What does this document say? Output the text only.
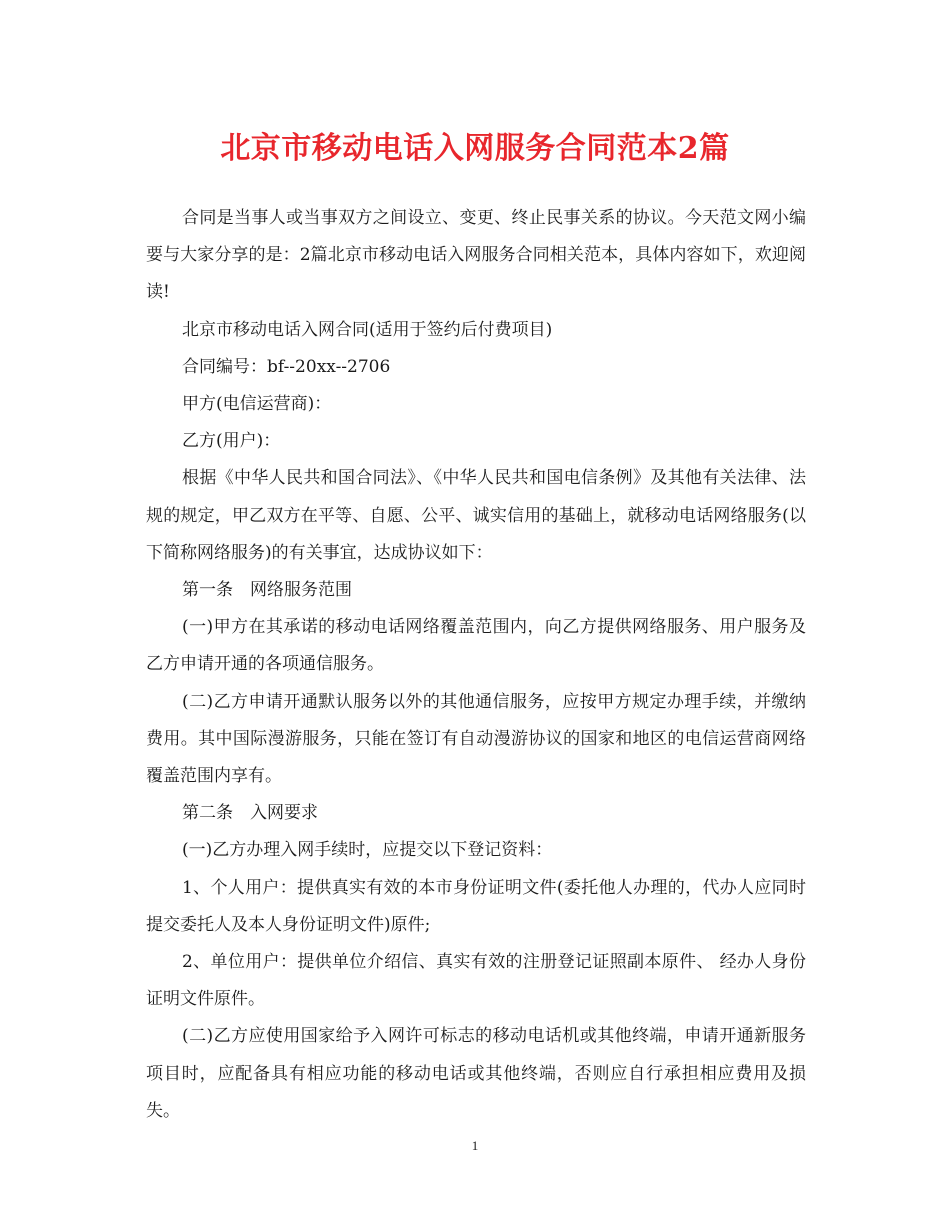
北京市移动电话入网服务合同范本2篇

合同是当事人或当事双方之间设立、变更、终止民事关系的协议。今天范文网小编要与大家分享的是：2篇北京市移动电话入网服务合同相关范本，具体内容如下，欢迎阅读!

北京市移动电话入网合同(适用于签约后付费项目)

合同编号：bf--20xx--2706

甲方(电信运营商)：

乙方(用户)：

根据《中华人民共和国合同法》、《中华人民共和国电信条例》及其他有关法律、法规的规定，甲乙双方在平等、自愿、公平、诚实信用的基础上，就移动电话网络服务(以下简称网络服务)的有关事宜，达成协议如下：

第一条　网络服务范围

(一)甲方在其承诺的移动电话网络覆盖范围内，向乙方提供网络服务、用户服务及乙方申请开通的各项通信服务。

(二)乙方申请开通默认服务以外的其他通信服务，应按甲方规定办理手续，并缴纳费用。其中国际漫游服务，只能在签订有自动漫游协议的国家和地区的电信运营商网络覆盖范围内享有。

第二条　入网要求

(一)乙方办理入网手续时，应提交以下登记资料：

1、个人用户：提供真实有效的本市身份证明文件(委托他人办理的，代办人应同时提交委托人及本人身份证明文件)原件;

2、单位用户：提供单位介绍信、真实有效的注册登记证照副本原件、 经办人身份证明文件原件。

(二)乙方应使用国家给予入网许可标志的移动电话机或其他终端，申请开通新服务项目时，应配备具有相应功能的移动电话或其他终端，否则应自行承担相应费用及损失。

1
